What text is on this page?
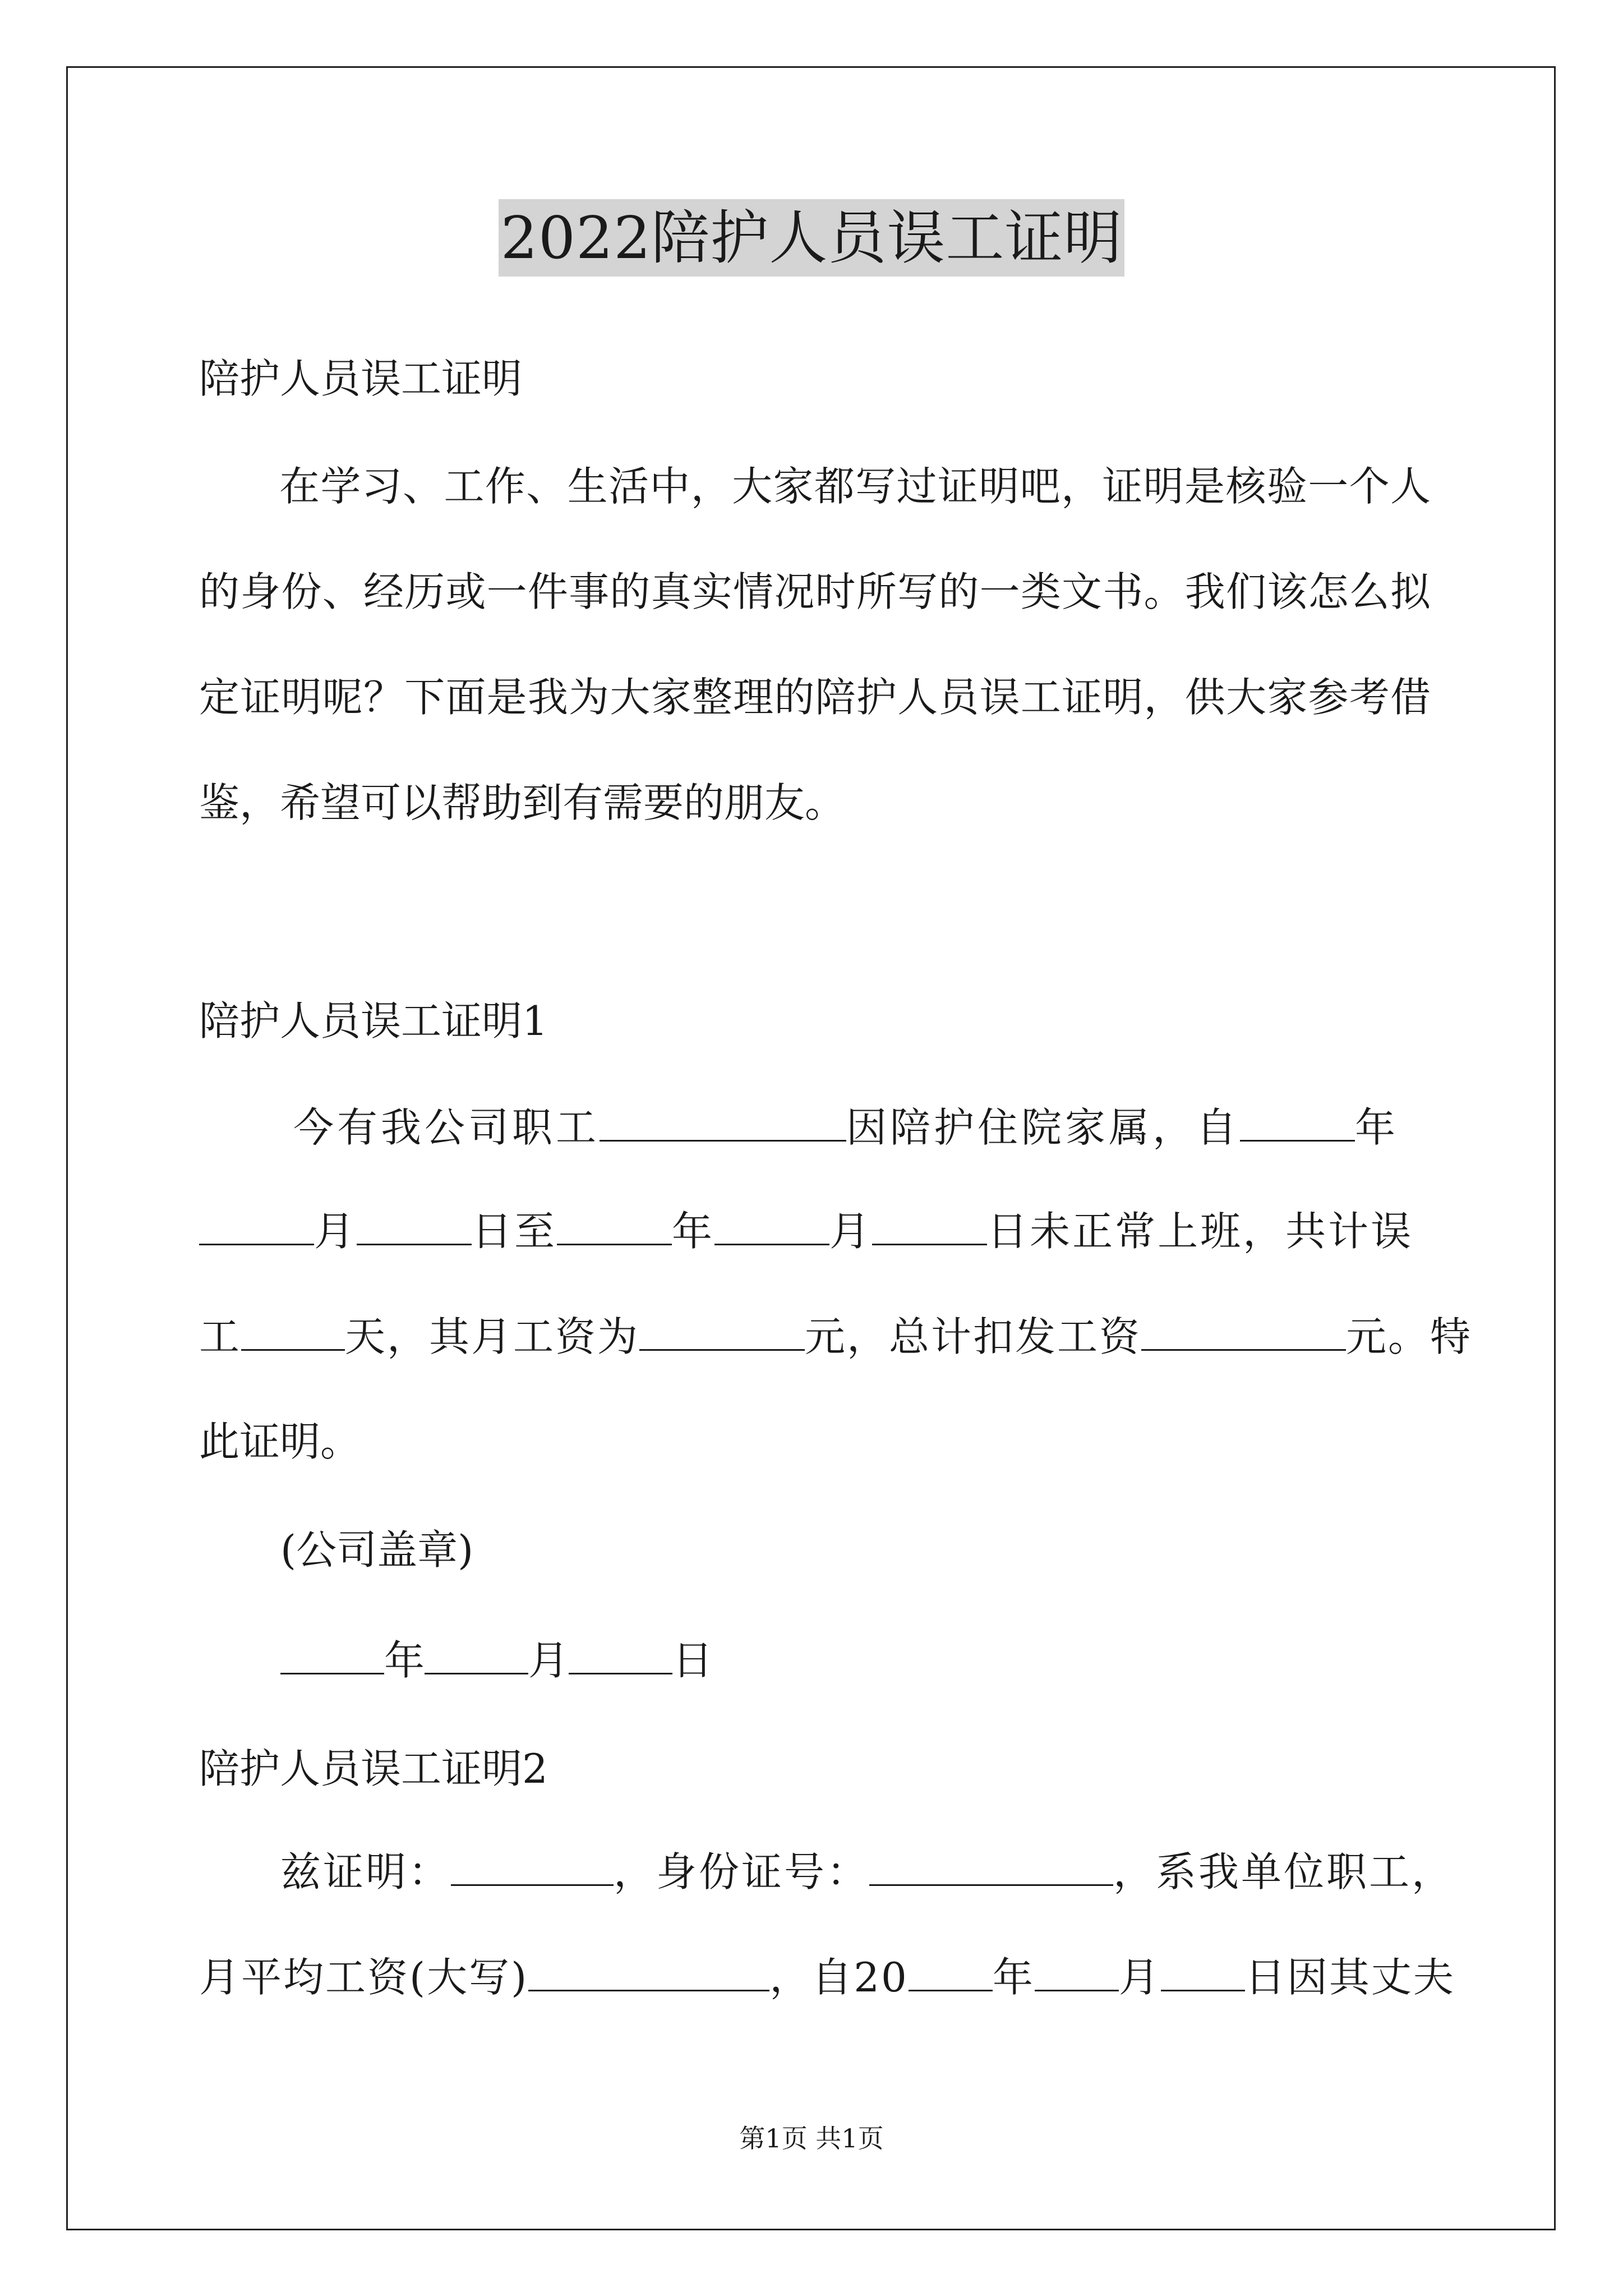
2022陪护人员误工证明
陪护人员误工证明
在学习、工作、生活中，大家都写过证明吧，证明是核验一个人
的身份、经历或一件事的真实情况时所写的一类文书。我们该怎么拟
定证明呢？下面是我为大家整理的陪护人员误工证明，供大家参考借
鉴，希望可以帮助到有需要的朋友。
陪护人员误工证明1
今有我公司职工	因陪护住院家属，自	年
月	日至	年	月	日未正常上班，共计误
工	天，其月工资为	元，总计扣发工资	元。特
此证明。
(公司盖章)
年	月	日
陪护人员误工证明2
兹证明：	，身份证号：	，系我单位职工，
月平均工资(大写)	，自20 年 月 日因其丈夫
第1页 共1页
